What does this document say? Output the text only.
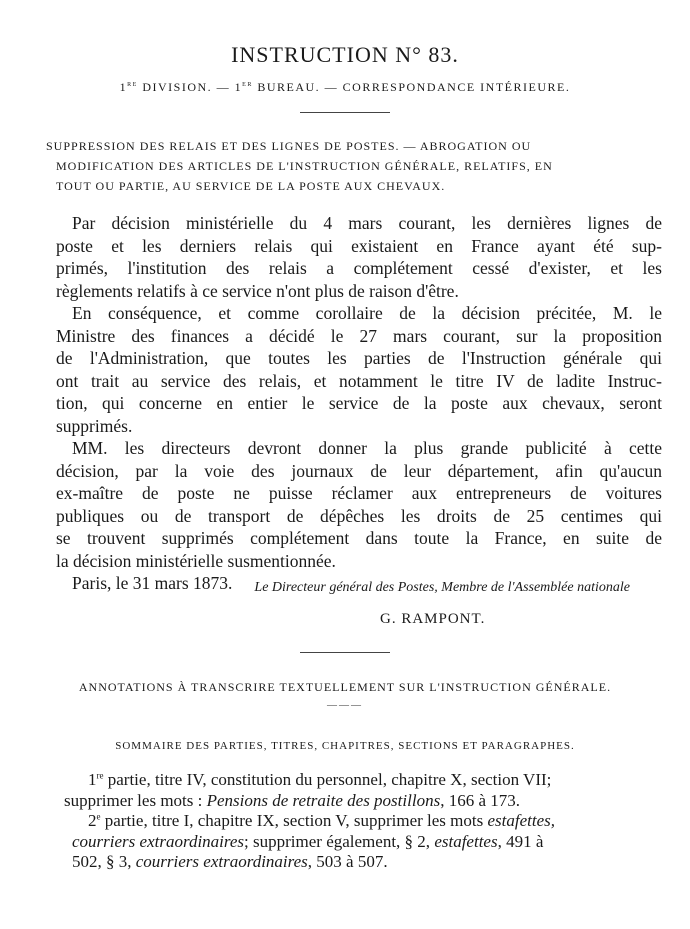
INSTRUCTION N° 83.
1re DIVISION. — 1er BUREAU. — CORRESPONDANCE INTÉRIEURE.
SUPPRESSION DES RELAIS ET DES LIGNES DE POSTES. — ABROGATION OU
MODIFICATION DES ARTICLES DE L'INSTRUCTION GÉNÉRALE, RELATIFS, EN
TOUT OU PARTIE, AU SERVICE DE LA POSTE AUX CHEVAUX.
Par décision ministérielle du 4 mars courant, les dernières lignes de
poste et les derniers relais qui existaient en France ayant été sup-
primés, l'institution des relais a complétement cessé d'exister, et les
règlements relatifs à ce service n'ont plus de raison d'être.
En conséquence, et comme corollaire de la décision précitée, M. le
Ministre des finances a décidé le 27 mars courant, sur la proposition
de l'Administration, que toutes les parties de l'Instruction générale qui
ont trait au service des relais, et notamment le titre IV de ladite Instruc-
tion, qui concerne en entier le service de la poste aux chevaux, seront
supprimés.
MM. les directeurs devront donner la plus grande publicité à cette
décision, par la voie des journaux de leur département, afin qu'aucun
ex-maître de poste ne puisse réclamer aux entrepreneurs de voitures
publiques ou de transport de dépêches les droits de 25 centimes qui
se trouvent supprimés complétement dans toute la France, en suite de
la décision ministérielle susmentionnée.
Paris, le 31 mars 1873.	Le Directeur général des Postes, Membre de l'Assemblée nationale
G. RAMPONT.
ANNOTATIONS À TRANSCRIRE TEXTUELLEMENT SUR L'INSTRUCTION GÉNÉRALE.
———
SOMMAIRE DES PARTIES, TITRES, CHAPITRES, SECTIONS ET PARAGRAPHES.
1re partie, titre IV, constitution du personnel, chapitre X, section VII;
supprimer les mots : Pensions de retraite des postillons, 166 à 173.
2e partie, titre I, chapitre IX, section V, supprimer les mots estafettes,
courriers extraordinaires; supprimer également, § 2, estafettes, 491 à
502, § 3, courriers extraordinaires, 503 à 507.
